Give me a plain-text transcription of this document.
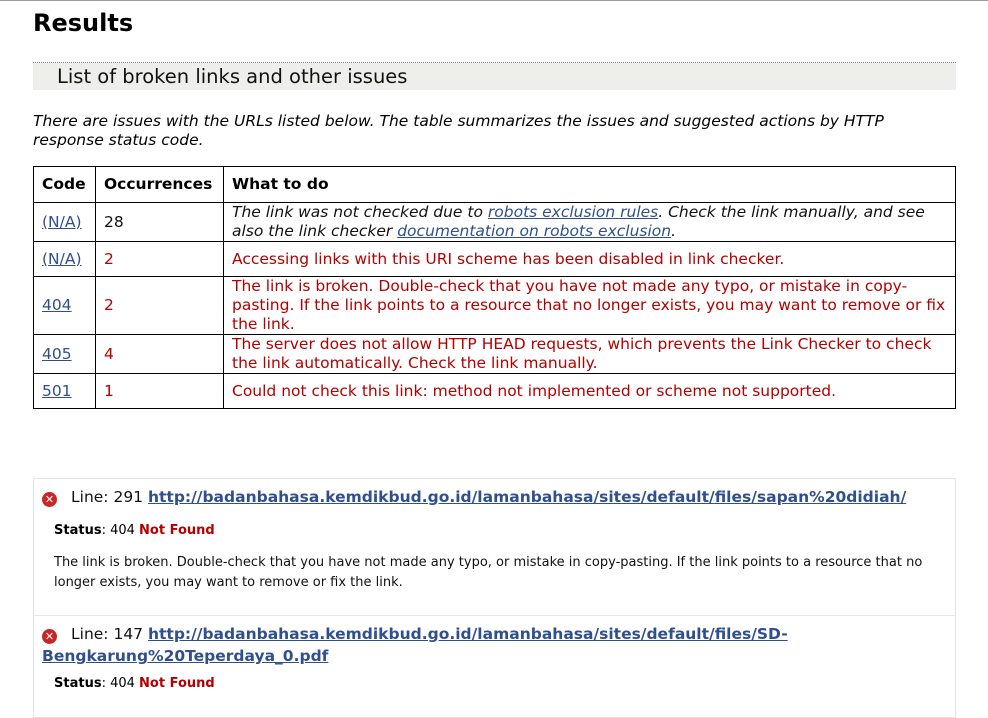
Results
List of broken links and other issues

There are issues with the URLs listed below. The table summarizes the issues and suggested actions by HTTP response status code.

Code	Occurrences	What to do
(N/A)	28	The link was not checked due to robots exclusion rules. Check the link manually, and see also the link checker documentation on robots exclusion.
(N/A)	2	Accessing links with this URI scheme has been disabled in link checker.
404	2	The link is broken. Double-check that you have not made any typo, or mistake in copy-pasting. If the link points to a resource that no longer exists, you may want to remove or fix the link.
405	4	The server does not allow HTTP HEAD requests, which prevents the Link Checker to check the link automatically. Check the link manually.
501	1	Could not check this link: method not implemented or scheme not supported.

✕ Line: 291 http://badanbahasa.kemdikbud.go.id/lamanbahasa/sites/default/files/sapan%20didiah/

Status: 404 Not Found

The link is broken. Double-check that you have not made any typo, or mistake in copy-pasting. If the link points to a resource that no longer exists, you may want to remove or fix the link.

✕ Line: 147 http://badanbahasa.kemdikbud.go.id/lamanbahasa/sites/default/files/SD-
Bengkarung%20Teperdaya_0.pdf

Status: 404 Not Found
